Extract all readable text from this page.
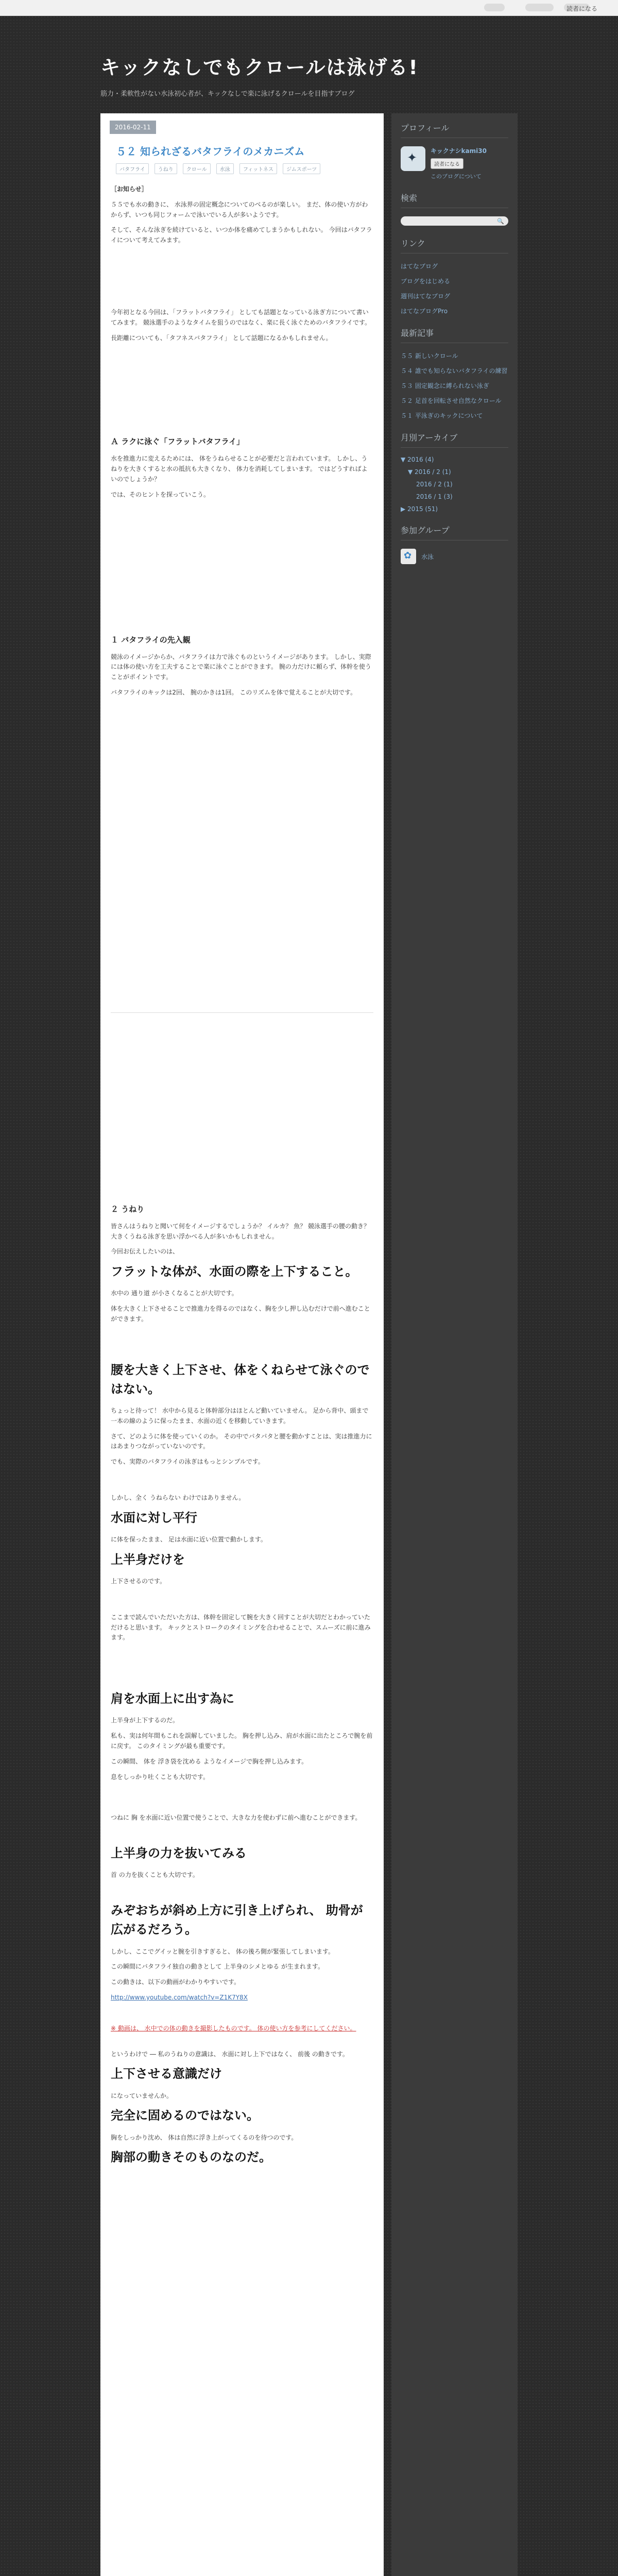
読者になる
キックなしでもクロールは泳げる!
筋力・柔軟性がない水泳初心者が、キックなしで楽に泳げるクロールを目指すブログ
2016-02-11
５２ 知られざるバタフライのメカニズム
バタフライ	うねり	クロール	水泳	フィットネス	ジムスポーツ

［お知らせ］

５５でも水の動きに、 水泳界の固定概念についてのべるのが楽しい。 まだ、体の使い方がわからず、いつも同じフォームで泳いでいる人が多いようです。

そして、そんな泳ぎを続けていると、いつか体を痛めてしまうかもしれない。 今回はバタフライについて考えてみます。

今年初となる今回は、「フラットバタフライ」 としても話題となっている泳ぎ方について書いてみます。 競泳選手のようなタイムを狙うのではなく、楽に長く泳ぐためのバタフライです。

長距離についても、「タフネスバタフライ」 として話題になるかもしれません。

Ａ ラクに泳ぐ「フラットバタフライ」

水を推進力に変えるためには、 体をうねらせることが必要だと言われています。 しかし、うねりを大きくすると水の抵抗も大きくなり、 体力を消耗してしまいます。 ではどうすればよいのでしょうか？

では、そのヒントを探っていこう。

１ バタフライの先入観

競泳のイメージからか、バタフライは力で泳ぐものというイメージがあります。 しかし、実際には体の使い方を工夫することで楽に泳ぐことができます。 腕の力だけに頼らず、体幹を使うことがポイントです。

バタフライのキックは2回、 腕のかきは1回。 このリズムを体で覚えることが大切です。

２ うねり

皆さんはうねりと聞いて何をイメージするでしょうか？ イルカ？ 魚？ 競泳選手の腰の動き？ 大きくうねる泳ぎを思い浮かべる人が多いかもしれません。

今回お伝えしたいのは、

フラットな体が、水面の際を上下すること。

水中の 通り道 が小さくなることが大切です。

体を大きく上下させることで推進力を得るのではなく、胸を少し押し込むだけで前へ進むことができます。

腰を大きく上下させ、体をくねらせて泳ぐのではない。

ちょっと待って！ 水中から見ると体幹部分はほとんど動いていません。 足から背中、頭まで一本の線のように保ったまま、水面の近くを移動していきます。

さて、どのように体を使っていくのか。 その中でパタパタと腰を動かすことは、実は推進力にはあまりつながっていないのです。

でも、実際のバタフライの泳ぎはもっとシンプルです。

しかし、全く うねらない わけではありません。

水面に対し平行

に体を保ったまま、 足は水面に近い位置で動かします。

上半身だけを

上下させるのです。

ここまで読んでいただいた方は、体幹を固定して腕を大きく回すことが大切だとわかっていただけると思います。 キックとストロークのタイミングを合わせることで、スムーズに前に進みます。

肩を水面上に出す為に

上半身が上下するのだ。

私も、実は何年間もこれを誤解していました。 胸を押し込み、肩が水面に出たところで腕を前に戻す。 このタイミングが最も重要です。

この瞬間、 体を 浮き袋を沈める ようなイメージで胸を押し込みます。

息をしっかり吐くことも大切です。

つねに 胸 を水面に近い位置で使うことで、大きな力を使わずに前へ進むことができます。

上半身の力を抜いてみる

首 の力を抜くことも大切です。

みぞおちが斜め上方に引き上げられ、 助骨が広がるだろう。

しかし、ここでグイッと腕を引きすぎると、 体の後ろ側が緊張してしまいます。

この瞬間にバタフライ独自の動きとして 上半身のシメとゆる が生まれます。

この動きは、以下の動画がわかりやすいです。

http://www.youtube.com/watch?v=Z1K7Y8X

※ 動画は、 水中での体の動きを撮影したものです。 体の使い方を参考にしてください。

というわけで ― 私のうねりの意識は、 水面に対し上下ではなく、 前後 の動きです。

上下させる意識だけ

になっていませんか。

完全に固めるのではない。

胸をしっかり沈め、 体は自然に浮き上がってくるのを待つのです。

胸部の動きそのものなのだ。
プロフィール
✦
キックナシkami30
読者になる
このブログについて
検索
🔍
リンク
はてなブログ
ブログをはじめる
週刊はてなブログ
はてなブログPro
最新記事
５５ 新しいクロール
５４ 誰でも知らないバタフライの練習
５３ 固定観念に縛られない泳ぎ
５２ 足首を回転させ自然なクロール
５１ 平泳ぎのキックについて
月別アーカイブ
▼ 2016 (4)
▼ 2016 / 2 (1)
2016 / 2 (1)
2016 / 1 (3)
▶ 2015 (51)
参加グループ
✿
水泳
